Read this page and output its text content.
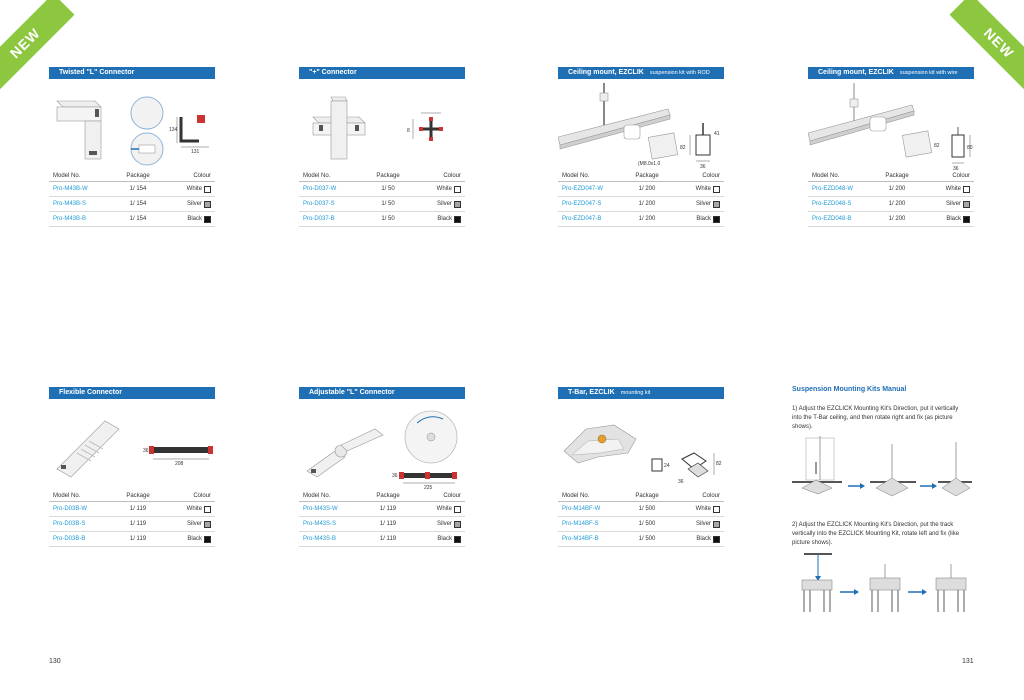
NEW	NEW
Twisted "L" Connector
134
131
Model No.	Package	Colour
Pro-M43B-W	1/ 154	White
Pro-M43B-S	1/ 154	Silver
Pro-M43B-B	1/ 154	Black
"+" Connector
8
Model No.	Package	Colour
Pro-D037-W	1/ 50	White
Pro-D037-S	1/ 50	Silver
Pro-D037-B	1/ 50	Black
Ceiling mount, EZCLIK suspension kit with ROD
82
41
36
(M8.0x1.0
Model No.	Package	Colour
Pro-EZD047-W	1/ 200	White
Pro-EZD047-S	1/ 200	Silver
Pro-EZD047-B	1/ 200	Black
Ceiling mount, EZCLIK suspension kit with wire
82	80
36
Model No.	Package	Colour
Pro-EZD048-W	1/ 200	White
Pro-EZD048-S	1/ 200	Silver
Pro-EZD048-B	1/ 200	Black
Flexible Connector
36
208
Model No.	Package	Colour
Pro-D03B-W	1/ 119	White
Pro-D03B-S	1/ 119	Silver
Pro-D03B-B	1/ 119	Black
Adjustable "L" Connector
36
225
Model No.	Package	Colour
Pro-M43S-W	1/ 119	White
Pro-M43S-S	1/ 119	Silver
Pro-M43S-B	1/ 119	Black
T-Bar, EZCLIK mounting kit
24	82
36
Model No.	Package	Colour
Pro-M14BF-W	1/ 500	White
Pro-M14BF-S	1/ 500	Silver
Pro-M14BF-B	1/ 500	Black
Suspension Mounting Kits Manual
1) Adjust the EZCLICK Mounting Kit's Direction, put it vertically into the T-Bar ceiling, and then rotate right and fix (as picture shows).
2) Adjust the EZCLICK Mounting Kit's Direction, put the track vertically into the EZCLICK Mounting Kit, rotate left and fix (like picture shows).
130	131
